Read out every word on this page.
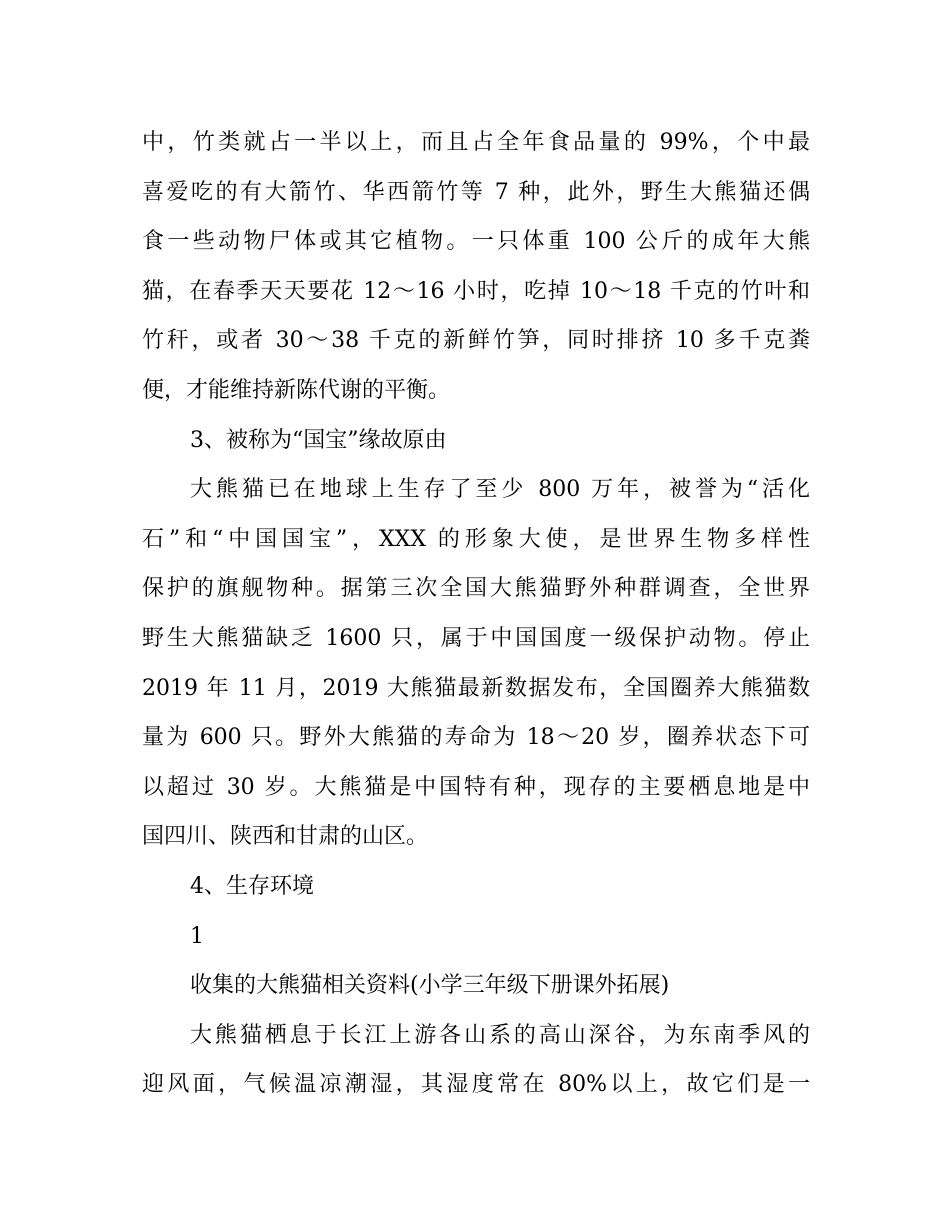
中，竹类就占一半以上，而且占全年食品量的 99%，个中最
喜爱吃的有大箭竹、华西箭竹等 7 种，此外，野生大熊猫还偶
食一些动物尸体或其它植物。一只体重 100 公斤的成年大熊
猫，在春季天天要花 12～16 小时，吃掉 10～18 千克的竹叶和
竹秆，或者 30～38 千克的新鲜竹笋，同时排挤 10 多千克粪
便，才能维持新陈代谢的平衡。
3、被称为“国宝”缘故原由
大熊猫已在地球上生存了至少 800 万年，被誉为“活化
石”和“中国国宝”，XXX 的形象大使，是世界生物多样性
保护的旗舰物种。据第三次全国大熊猫野外种群调查，全世界
野生大熊猫缺乏 1600 只，属于中国国度一级保护动物。停止
2019 年 11 月，2019 大熊猫最新数据发布，全国圈养大熊猫数
量为 600 只。野外大熊猫的寿命为 18～20 岁，圈养状态下可
以超过 30 岁。大熊猫是中国特有种，现存的主要栖息地是中
国四川、陕西和甘肃的山区。
4、生存环境
1
收集的大熊猫相关资料(小学三年级下册课外拓展)
大熊猫栖息于长江上游各山系的高山深谷，为东南季风的
迎风面，气候温凉潮湿，其湿度常在 80%以上，故它们是一
